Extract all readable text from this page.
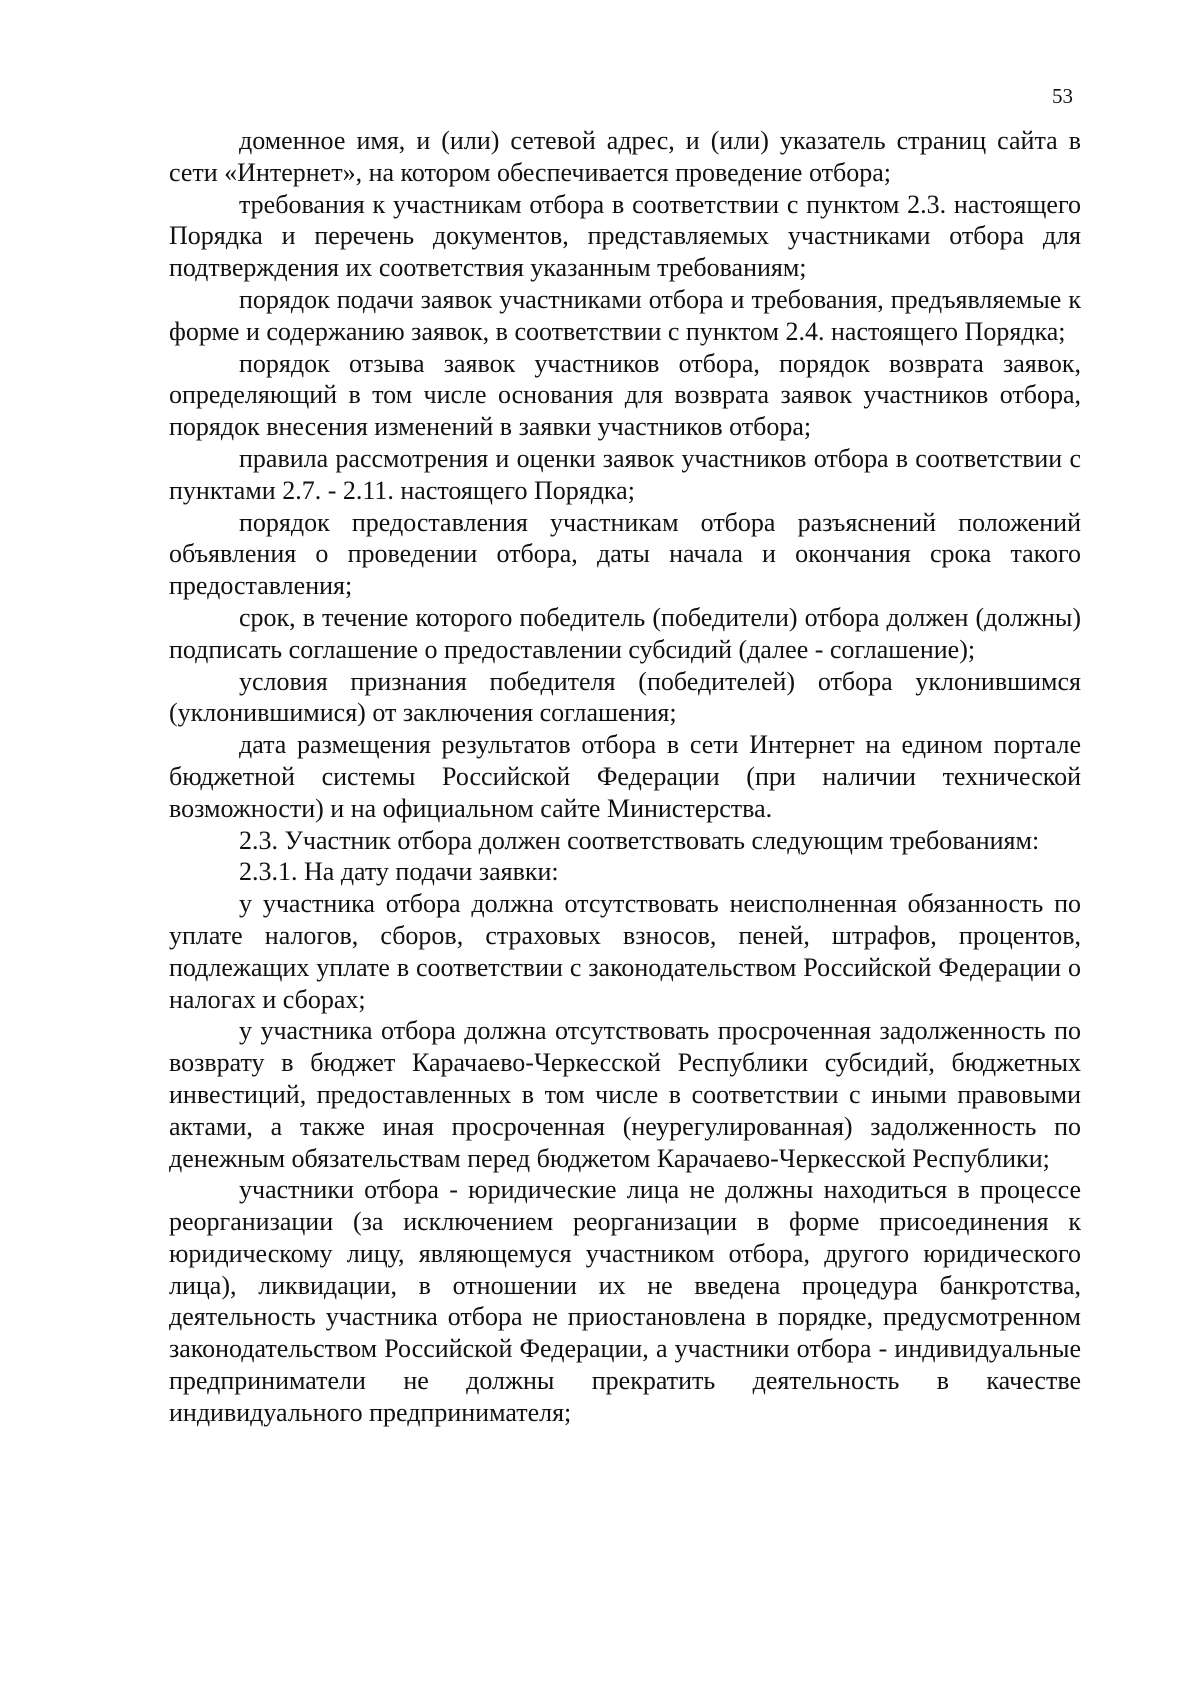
53

доменное имя, и (или) сетевой адрес, и (или) указатель страниц сайта в сети «Интернет», на котором обеспечивается проведение отбора;

требования к участникам отбора в соответствии с пунктом 2.3. настоящего Порядка и перечень документов, представляемых участниками отбора для подтверждения их соответствия указанным требованиям;

порядок подачи заявок участниками отбора и требования, предъявляемые к форме и содержанию заявок, в соответствии с пунктом 2.4. настоящего Порядка;

порядок отзыва заявок участников отбора, порядок возврата заявок, определяющий в том числе основания для возврата заявок участников отбора, порядок внесения изменений в заявки участников отбора;

правила рассмотрения и оценки заявок участников отбора в соответствии с пунктами 2.7. - 2.11. настоящего Порядка;

порядок предоставления участникам отбора разъяснений положений объявления о проведении отбора, даты начала и окончания срока такого предоставления;

срок, в течение которого победитель (победители) отбора должен (должны) подписать соглашение о предоставлении субсидий (далее - соглашение);

условия признания победителя (победителей) отбора уклонившимся (уклонившимися) от заключения соглашения;

дата размещения результатов отбора в сети Интернет на едином портале бюджетной системы Российской Федерации (при наличии технической возможности) и на официальном сайте Министерства.

2.3. Участник отбора должен соответствовать следующим требованиям:

2.3.1. На дату подачи заявки:

у участника отбора должна отсутствовать неисполненная обязанность по уплате налогов, сборов, страховых взносов, пеней, штрафов, процентов, подлежащих уплате в соответствии с законодательством Российской Федерации о налогах и сборах;

у участника отбора должна отсутствовать просроченная задолженность по возврату в бюджет Карачаево-Черкесской Республики субсидий, бюджетных инвестиций, предоставленных в том числе в соответствии с иными правовыми актами, а также иная просроченная (неурегулированная) задолженность по денежным обязательствам перед бюджетом Карачаево-Черкесской Республики;

участники отбора - юридические лица не должны находиться в процессе реорганизации (за исключением реорганизации в форме присоединения к юридическому лицу, являющемуся участником отбора, другого юридического лица), ликвидации, в отношении их не введена процедура банкротства, деятельность участника отбора не приостановлена в порядке, предусмотренном законодательством Российской Федерации, а участники отбора - индивидуальные предприниматели не должны прекратить деятельность в качестве индивидуального предпринимателя;
